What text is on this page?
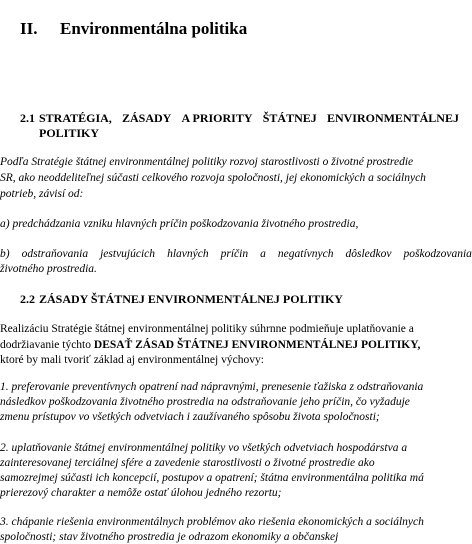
II. Environmentálna politika
2.1 STRATÉGIA, ZÁSADY A PRIORITY ŠTÁTNEJ ENVIRONMENTÁLNEJ
POLITIKY
Podľa Stratégie štátnej environmentálnej politiky rozvoj starostlivosti o životné prostredie
SR, ako neoddeliteľnej súčasti celkového rozvoja spoločnosti, jej ekonomických a sociálnych
potrieb, závisí od:
a) predchádzania vzniku hlavných príčin poškodzovania životného prostredia,
b) odstraňovania jestvujúcich hlavných príčin a negatívnych dôsledkov poškodzovania
životného prostredia.
2.2 ZÁSADY ŠTÁTNEJ ENVIRONMENTÁLNEJ POLITIKY
Realizáciu Stratégie štátnej environmentálnej politiky súhrnne podmieňuje uplatňovanie a
dodržiavanie týchto DESAŤ ZÁSAD ŠTÁTNEJ ENVIRONMENTÁLNEJ POLITIKY,
ktoré by mali tvoriť základ aj environmentálnej výchovy:
1. preferovanie preventívnych opatrení nad nápravnými, prenesenie ťažiska z odstraňovania
následkov poškodzovania životného prostredia na odstraňovanie jeho príčin, čo vyžaduje
zmenu prístupov vo všetkých odvetviach i zaužívaného spôsobu života spoločnosti;
2. uplatňovanie štátnej environmentálnej politiky vo všetkých odvetviach hospodárstva a
zainteresovanej terciálnej sfére a zavedenie starostlivosti o životné prostredie ako
samozrejmej súčasti ich koncepcií, postupov a opatrení; štátna environmentálna politika má
prierezový charakter a nemôže ostať úlohou jedného rezortu;
3. chápanie riešenia environmentálnych problémov ako riešenia ekonomických a sociálnych
spoločnosti; stav životného prostredia je odrazom ekonomiky a občanskej
